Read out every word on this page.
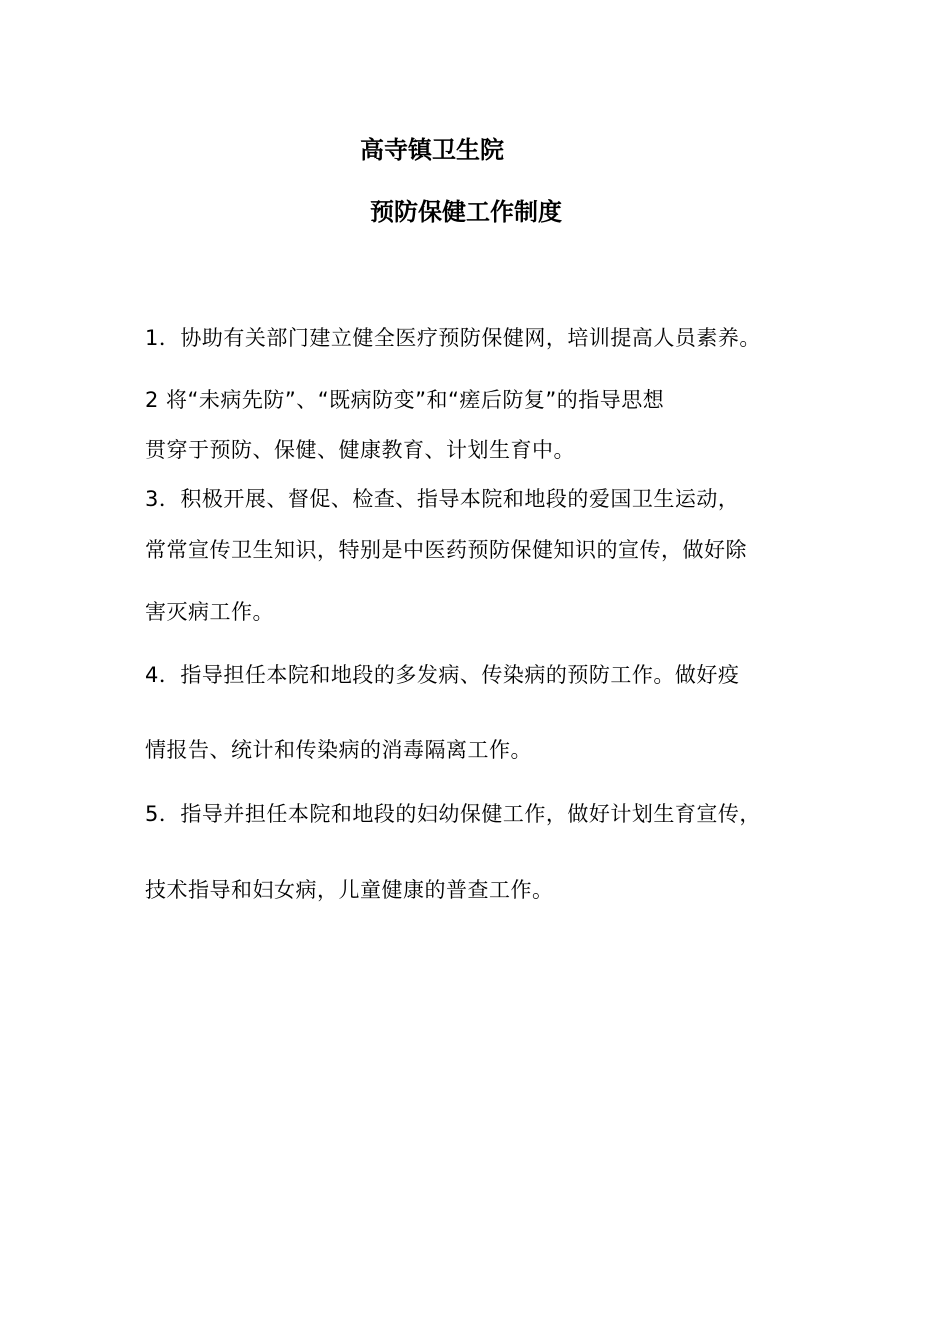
高寺镇卫生院
预防保健工作制度
1．协助有关部门建立健全医疗预防保健网，培训提高人员素养。
2 将“未病先防”、“既病防变”和“瘥后防复”的指导思想
贯穿于预防、保健、健康教育、计划生育中。
3．积极开展、督促、检查、指导本院和地段的爱国卫生运动，
常常宣传卫生知识，特别是中医药预防保健知识的宣传，做好除
害灭病工作。
4．指导担任本院和地段的多发病、传染病的预防工作。做好疫
情报告、统计和传染病的消毒隔离工作。
5．指导并担任本院和地段的妇幼保健工作，做好计划生育宣传，
技术指导和妇女病，儿童健康的普查工作。
